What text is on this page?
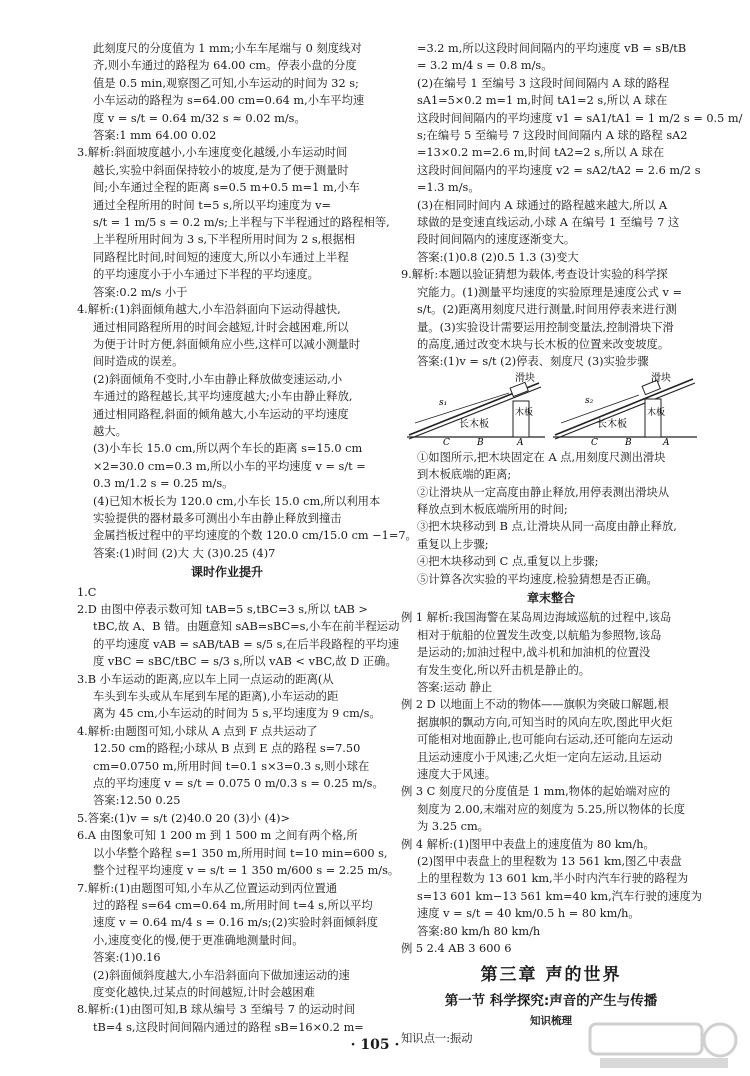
此刻度尺的分度值为 1 mm;小车车尾端与 0 刻度线对
齐,则小车通过的路程为 64.00 cm。停表小盘的分度
值是 0.5 min,观察图乙可知,小车运动的时间为 32 s;
小车运动的路程为 s=64.00 cm=0.64 m,小车平均速
度 v = s/t = 0.64 m/32 s ≈ 0.02 m/s。
答案:1 mm 64.00 0.02
3.解析:斜面坡度越小,小车速度变化越缓,小车运动时间
越长,实验中斜面保持较小的坡度,是为了便于测量时
间;小车通过全程的距离 s=0.5 m+0.5 m=1 m,小车
通过全程所用的时间 t=5 s,所以平均速度为 v=
s/t = 1 m/5 s = 0.2 m/s;上半程与下半程通过的路程相等,
上半程所用时间为 3 s,下半程所用时间为 2 s,根据相
同路程比时间,时间短的速度大,所以小车通过上半程
的平均速度小于小车通过下半程的平均速度。
答案:0.2 m/s 小于
4.解析:(1)斜面倾角越大,小车沿斜面向下运动得越快,
通过相同路程所用的时间会越短,计时会越困难,所以
为便于计时方便,斜面倾角应小些,这样可以减小测量时
间时造成的误差。
(2)斜面倾角不变时,小车由静止释放做变速运动,小
车通过的路程越长,其平均速度越大;小车由静止释放,
通过相同路程,斜面的倾角越大,小车运动的平均速度
越大。
(3)小车长 15.0 cm,所以两个车长的距离 s=15.0 cm
×2=30.0 cm=0.3 m,所以小车的平均速度 v = s/t =
0.3 m/1.2 s = 0.25 m/s。
(4)已知木板长为 120.0 cm,小车长 15.0 cm,所以利用本
实验提供的器材最多可测出小车由静止释放到撞击
金属挡板过程中的平均速度的个数 120.0 cm/15.0 cm −1=7。
答案:(1)时间 (2)大 大 (3)0.25 (4)7
课时作业提升
1.C
2.D 由图中停表示数可知 tAB=5 s,tBC=3 s,所以 tAB >
tBC,故 A、B 错。由题意知 sAB=sBC=s,小车在前半程运动
的平均速度 vAB = sAB/tAB = s/5 s,在后半段路程的平均速
度 vBC = sBC/tBC = s/3 s,所以 vAB < vBC,故 D 正确。
3.B 小车运动的距离,应以车上同一点运动的距离(从
车头到车头或从车尾到车尾的距离),小车运动的距
离为 45 cm,小车运动的时间为 5 s,平均速度为 9 cm/s。
4.解析:由题图可知,小球从 A 点到 F 点共运动了
12.50 cm的路程;小球从 B 点到 E 点的路程 s=7.50
cm=0.0750 m,所用时间 t=0.1 s×3=0.3 s,则小球在
点的平均速度 v = s/t = 0.075 0 m/0.3 s = 0.25 m/s。
答案:12.50 0.25
5.答案:(1)v = s/t (2)40.0 20 (3)小 (4)>
6.A 由图象可知 1 200 m 到 1 500 m 之间有两个格,所
以小华整个路程 s=1 350 m,所用时间 t=10 min=600 s,
整个过程平均速度 v = s/t = 1 350 m/600 s = 2.25 m/s。
7.解析:(1)由题图可知,小车从乙位置运动到丙位置通
过的路程 s=64 cm=0.64 m,所用时间 t=4 s,所以平均
速度 v = 0.64 m/4 s = 0.16 m/s;(2)实验时斜面倾斜度
小,速度变化的慢,便于更准确地测量时间。
答案:(1)0.16
(2)斜面倾斜度越大,小车沿斜面向下做加速运动的速
度变化越快,过某点的时间越短,计时会越困难
8.解析:(1)由图可知,B 球从编号 3 至编号 7 的运动时间
tB=4 s,这段时间间隔内通过的路程 sB=16×0.2 m=
=3.2 m,所以这段时间间隔内的平均速度 vB = sB/tB
= 3.2 m/4 s = 0.8 m/s。
(2)在编号 1 至编号 3 这段时间间隔内 A 球的路程
sA1=5×0.2 m=1 m,时间 tA1=2 s,所以 A 球在
这段时间间隔内的平均速度 v1 = sA1/tA1 = 1 m/2 s = 0.5 m/
s;在编号 5 至编号 7 这段时间间隔内 A 球的路程 sA2
=13×0.2 m=2.6 m,时间 tA2=2 s,所以 A 球在
这段时间间隔内的平均速度 v2 = sA2/tA2 = 2.6 m/2 s
=1.3 m/s。
(3)在相同时间内 A 球通过的路程越来越大,所以 A
球做的是变速直线运动,小球 A 在编号 1 至编号 7 这
段时间间隔内的速度逐渐变大。
答案:(1)0.8 (2)0.5 1.3 (3)变大
9.解析:本题以验证猜想为载体,考查设计实验的科学探
究能力。(1)测量平均速度的实验原理是速度公式 v =
s/t。(2)距离用刻度尺进行测量,时间用停表来进行测
量。(3)实验设计需要运用控制变量法,控制滑块下滑
的高度,通过改变木块与长木板的位置来改变坡度。
答案:(1)v = s/t (2)停表、刻度尺 (3)实验步骤
滑块
s₁
长木板
木板
A
B
C
滑块
s₂
长木板
木板
A
B
C
①如图所示,把木块固定在 A 点,用刻度尺测出滑块
到木板底端的距离;
②让滑块从一定高度由静止释放,用停表测出滑块从
释放点到木板底端所用的时间;
③把木块移动到 B 点,让滑块从同一高度由静止释放,
重复以上步骤;
④把木块移动到 C 点,重复以上步骤;
⑤计算各次实验的平均速度,检验猜想是否正确。
章末整合
例 1 解析:我国海警在某岛周边海域巡航的过程中,该岛
相对于航船的位置发生改变,以航船为参照物,该岛
是运动的;加油过程中,战斗机和加油机的位置没
有发生变化,所以歼击机是静止的。
答案:运动 静止
例 2 D 以地面上不动的物体——旗帜为突破口解题,根
据旗帜的飘动方向,可知当时的风向左吹,图此甲火炬
可能相对地面静止,也可能向右运动,还可能向左运动
且运动速度小于风速;乙火炬一定向左运动,且运动
速度大于风速。
例 3 C 刻度尺的分度值是 1 mm,物体的起始端对应的
刻度为 2.00,末端对应的刻度为 5.25,所以物体的长度
为 3.25 cm。
例 4 解析:(1)图甲中表盘上的速度值为 80 km/h。
(2)图甲中表盘上的里程数为 13 561 km,图乙中表盘
上的里程数为 13 601 km,半小时内汽车行驶的路程为
s=13 601 km−13 561 km=40 km,汽车行驶的速度为
速度 v = s/t = 40 km/0.5 h = 80 km/h。
答案:80 km/h 80 km/h
例 5 2.4 AB 3 600 6
第三章 声的世界
第一节 科学探究:声音的产生与传播
知识梳理
知识点一:振动
· 105 ·
